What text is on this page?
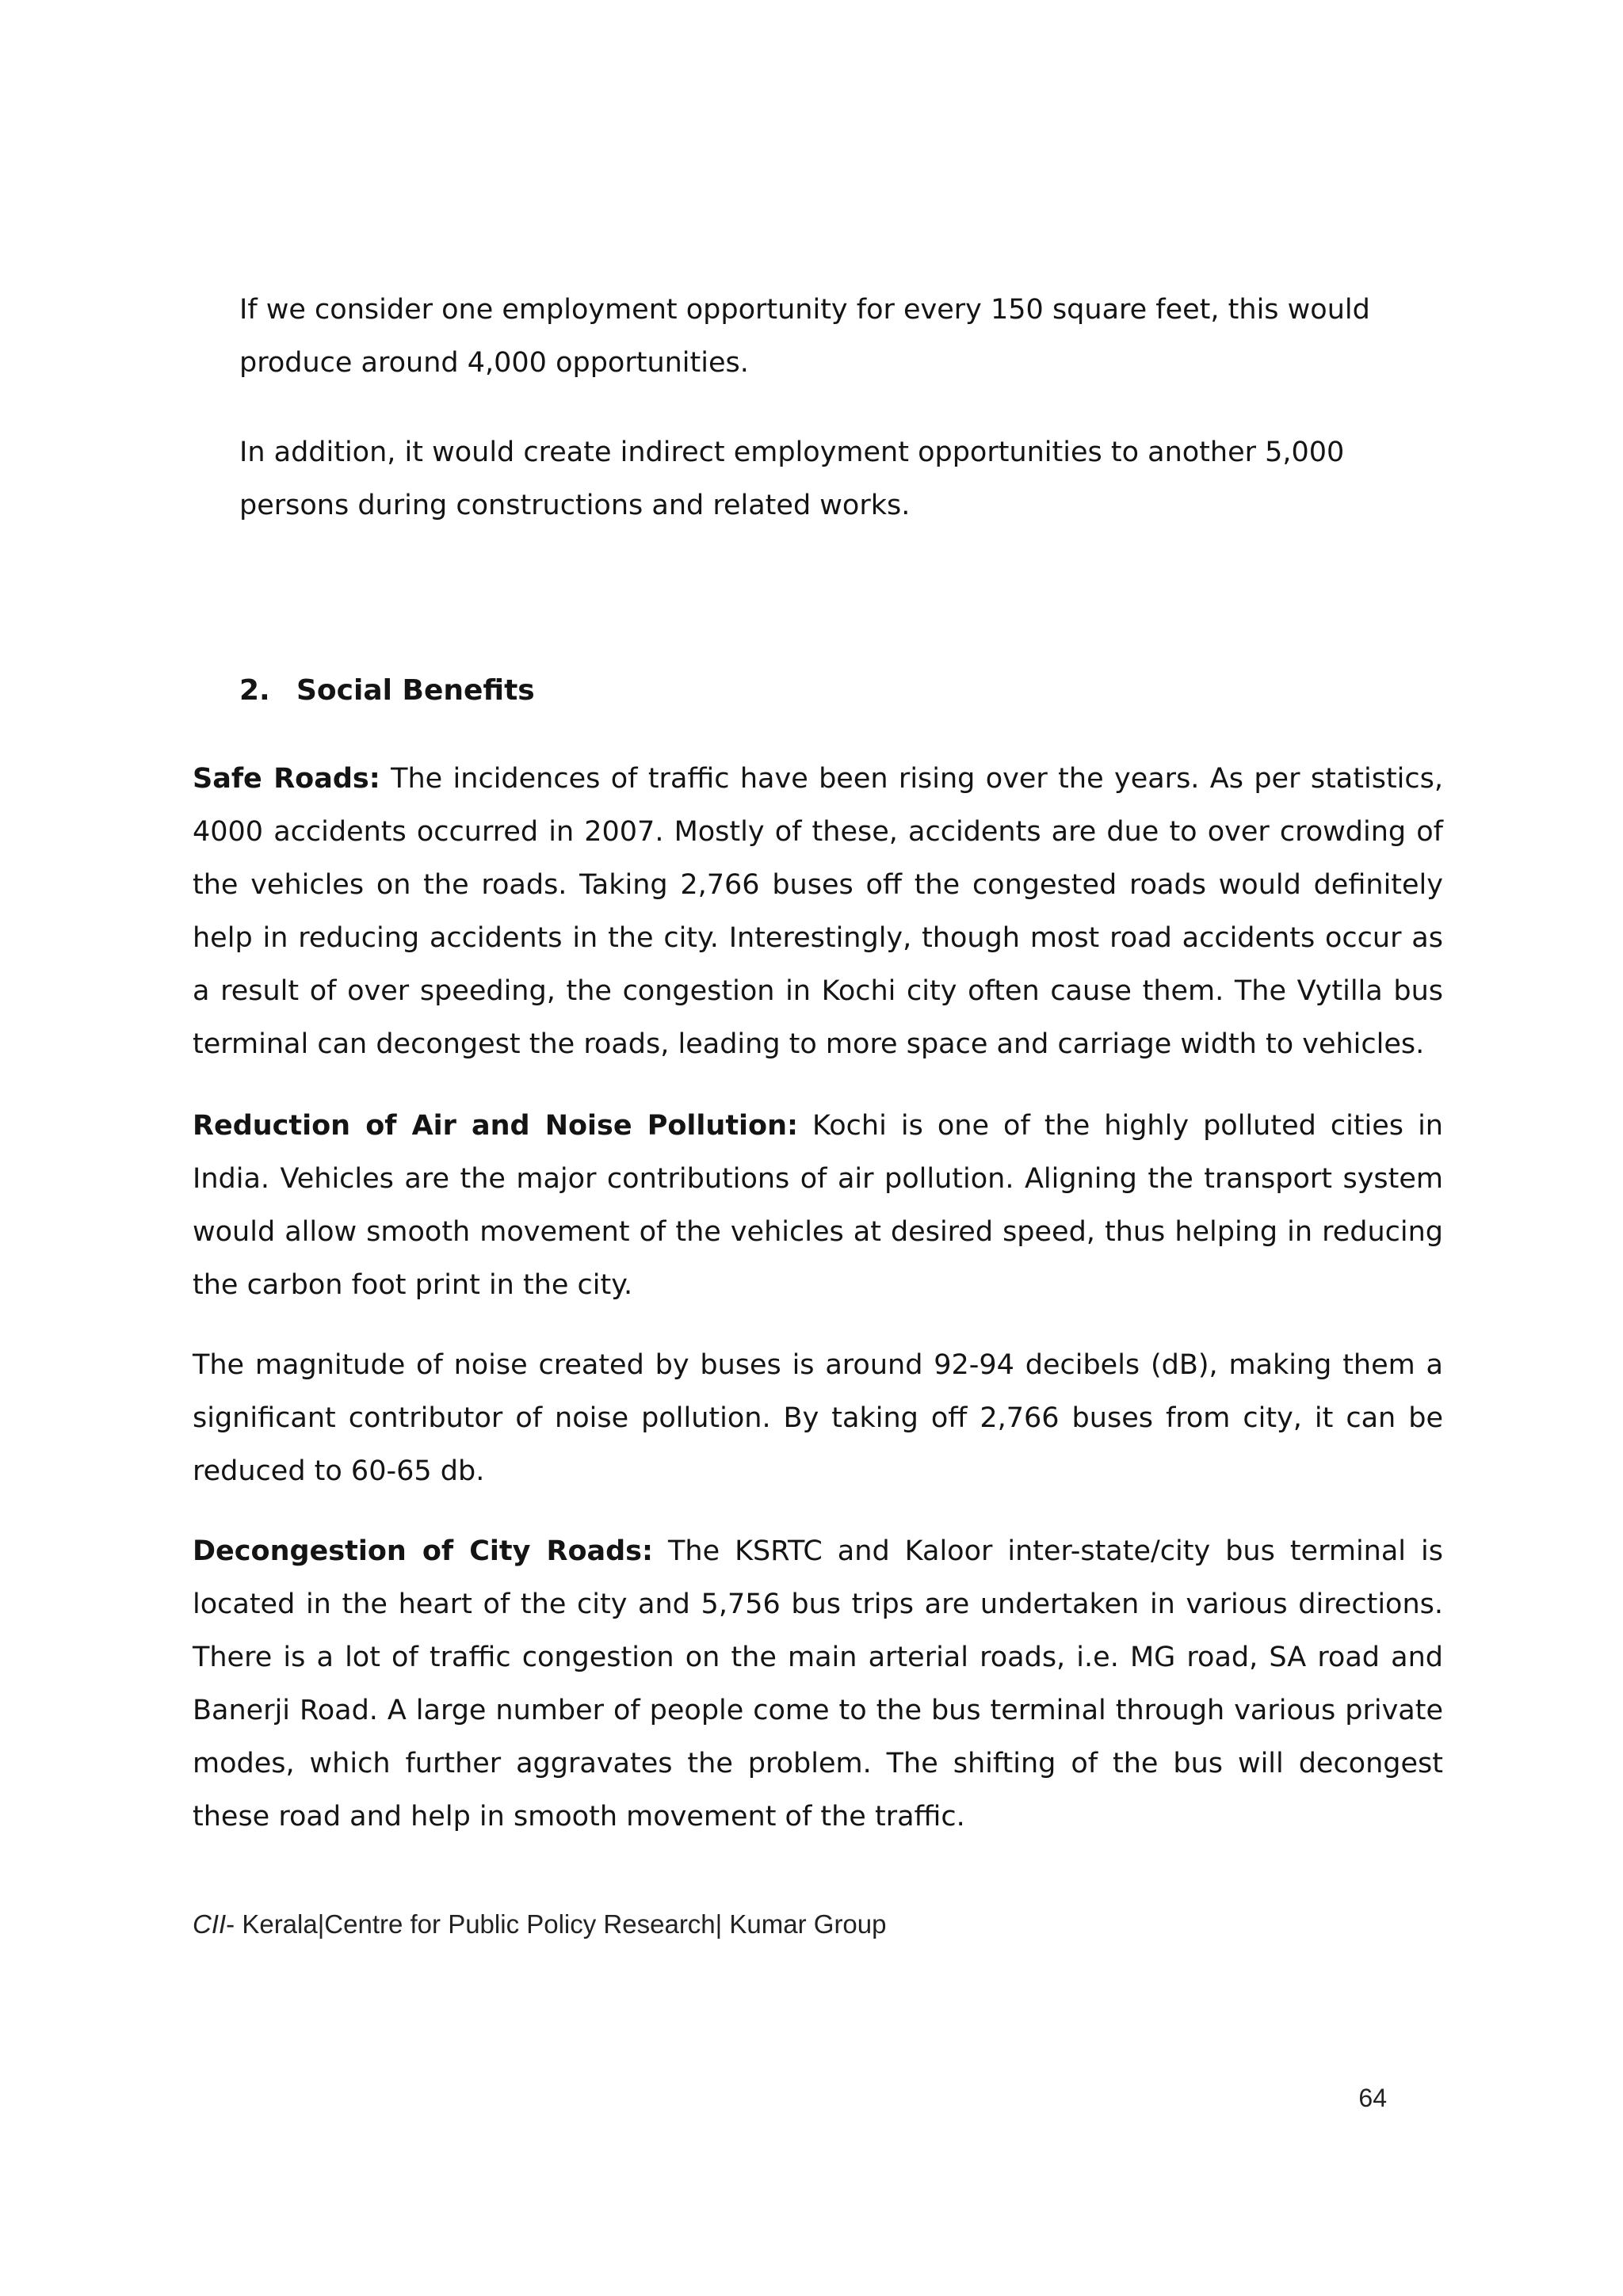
If we consider one employment opportunity for every 150 square feet, this would produce around 4,000 opportunities.

In addition, it would create indirect employment opportunities to another 5,000 persons during constructions and related works.

2. Social Benefits

Safe Roads: The incidences of traffic have been rising over the years. As per statistics, 4000 accidents occurred in 2007. Mostly of these, accidents are due to over crowding of the vehicles on the roads. Taking 2,766 buses off the congested roads would definitely help in reducing accidents in the city. Interestingly, though most road accidents occur as a result of over speeding, the congestion in Kochi city often cause them. The Vytilla bus terminal can decongest the roads, leading to more space and carriage width to vehicles.

Reduction of Air and Noise Pollution: Kochi is one of the highly polluted cities in India. Vehicles are the major contributions of air pollution. Aligning the transport system would allow smooth movement of the vehicles at desired speed, thus helping in reducing the carbon foot print in the city.

The magnitude of noise created by buses is around 92-94 decibels (dB), making them a significant contributor of noise pollution. By taking off 2,766 buses from city, it can be reduced to 60-65 db.

Decongestion of City Roads: The KSRTC and Kaloor inter-state/city bus terminal is located in the heart of the city and 5,756 bus trips are undertaken in various directions. There is a lot of traffic congestion on the main arterial roads, i.e. MG road, SA road and Banerji Road. A large number of people come to the bus terminal through various private modes, which further aggravates the problem. The shifting of the bus will decongest these road and help in smooth movement of the traffic.

CII- Kerala|Centre for Public Policy Research| Kumar Group

64
